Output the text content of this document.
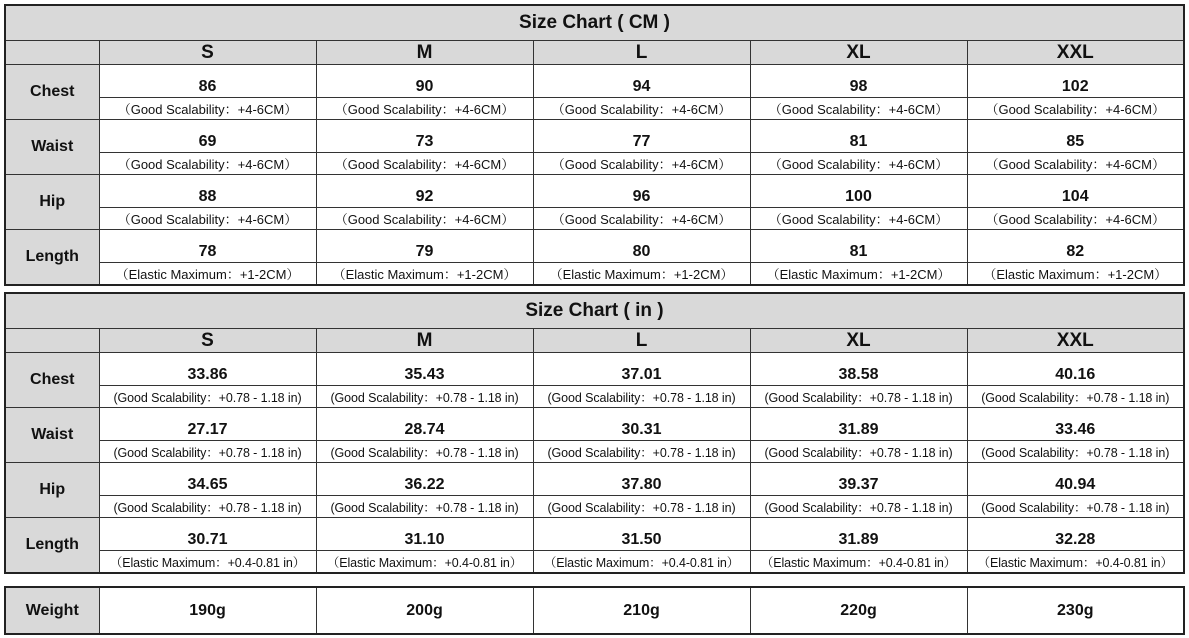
Size Chart ( CM )					
	S	M	L	XL	XXL
Chest	86	90	94	98	102
	（Good Scalability：+4-6CM）	（Good Scalability：+4-6CM）	（Good Scalability：+4-6CM）	（Good Scalability：+4-6CM）	（Good Scalability：+4-6CM）
Waist	69	73	77	81	85
	（Good Scalability：+4-6CM）	（Good Scalability：+4-6CM）	（Good Scalability：+4-6CM）	（Good Scalability：+4-6CM）	（Good Scalability：+4-6CM）
Hip	88	92	96	100	104
	（Good Scalability：+4-6CM）	（Good Scalability：+4-6CM）	（Good Scalability：+4-6CM）	（Good Scalability：+4-6CM）	（Good Scalability：+4-6CM）
Length	78	79	80	81	82
	（Elastic Maximum：+1-2CM）	（Elastic Maximum：+1-2CM）	（Elastic Maximum：+1-2CM）	（Elastic Maximum：+1-2CM）	（Elastic Maximum：+1-2CM）
Size Chart ( in )					
	S	M	L	XL	XXL
Chest	33.86	35.43	37.01	38.58	40.16
	(Good Scalability：+0.78 - 1.18 in)	(Good Scalability：+0.78 - 1.18 in)	(Good Scalability：+0.78 - 1.18 in)	(Good Scalability：+0.78 - 1.18 in)	(Good Scalability：+0.78 - 1.18 in)
Waist	27.17	28.74	30.31	31.89	33.46
	(Good Scalability：+0.78 - 1.18 in)	(Good Scalability：+0.78 - 1.18 in)	(Good Scalability：+0.78 - 1.18 in)	(Good Scalability：+0.78 - 1.18 in)	(Good Scalability：+0.78 - 1.18 in)
Hip	34.65	36.22	37.80	39.37	40.94
	(Good Scalability：+0.78 - 1.18 in)	(Good Scalability：+0.78 - 1.18 in)	(Good Scalability：+0.78 - 1.18 in)	(Good Scalability：+0.78 - 1.18 in)	(Good Scalability：+0.78 - 1.18 in)
Length	30.71	31.10	31.50	31.89	32.28
	（Elastic Maximum：+0.4-0.81 in）	（Elastic Maximum：+0.4-0.81 in）	（Elastic Maximum：+0.4-0.81 in）	（Elastic Maximum：+0.4-0.81 in）	（Elastic Maximum：+0.4-0.81 in）
Weight	190g	200g	210g	220g	230g
